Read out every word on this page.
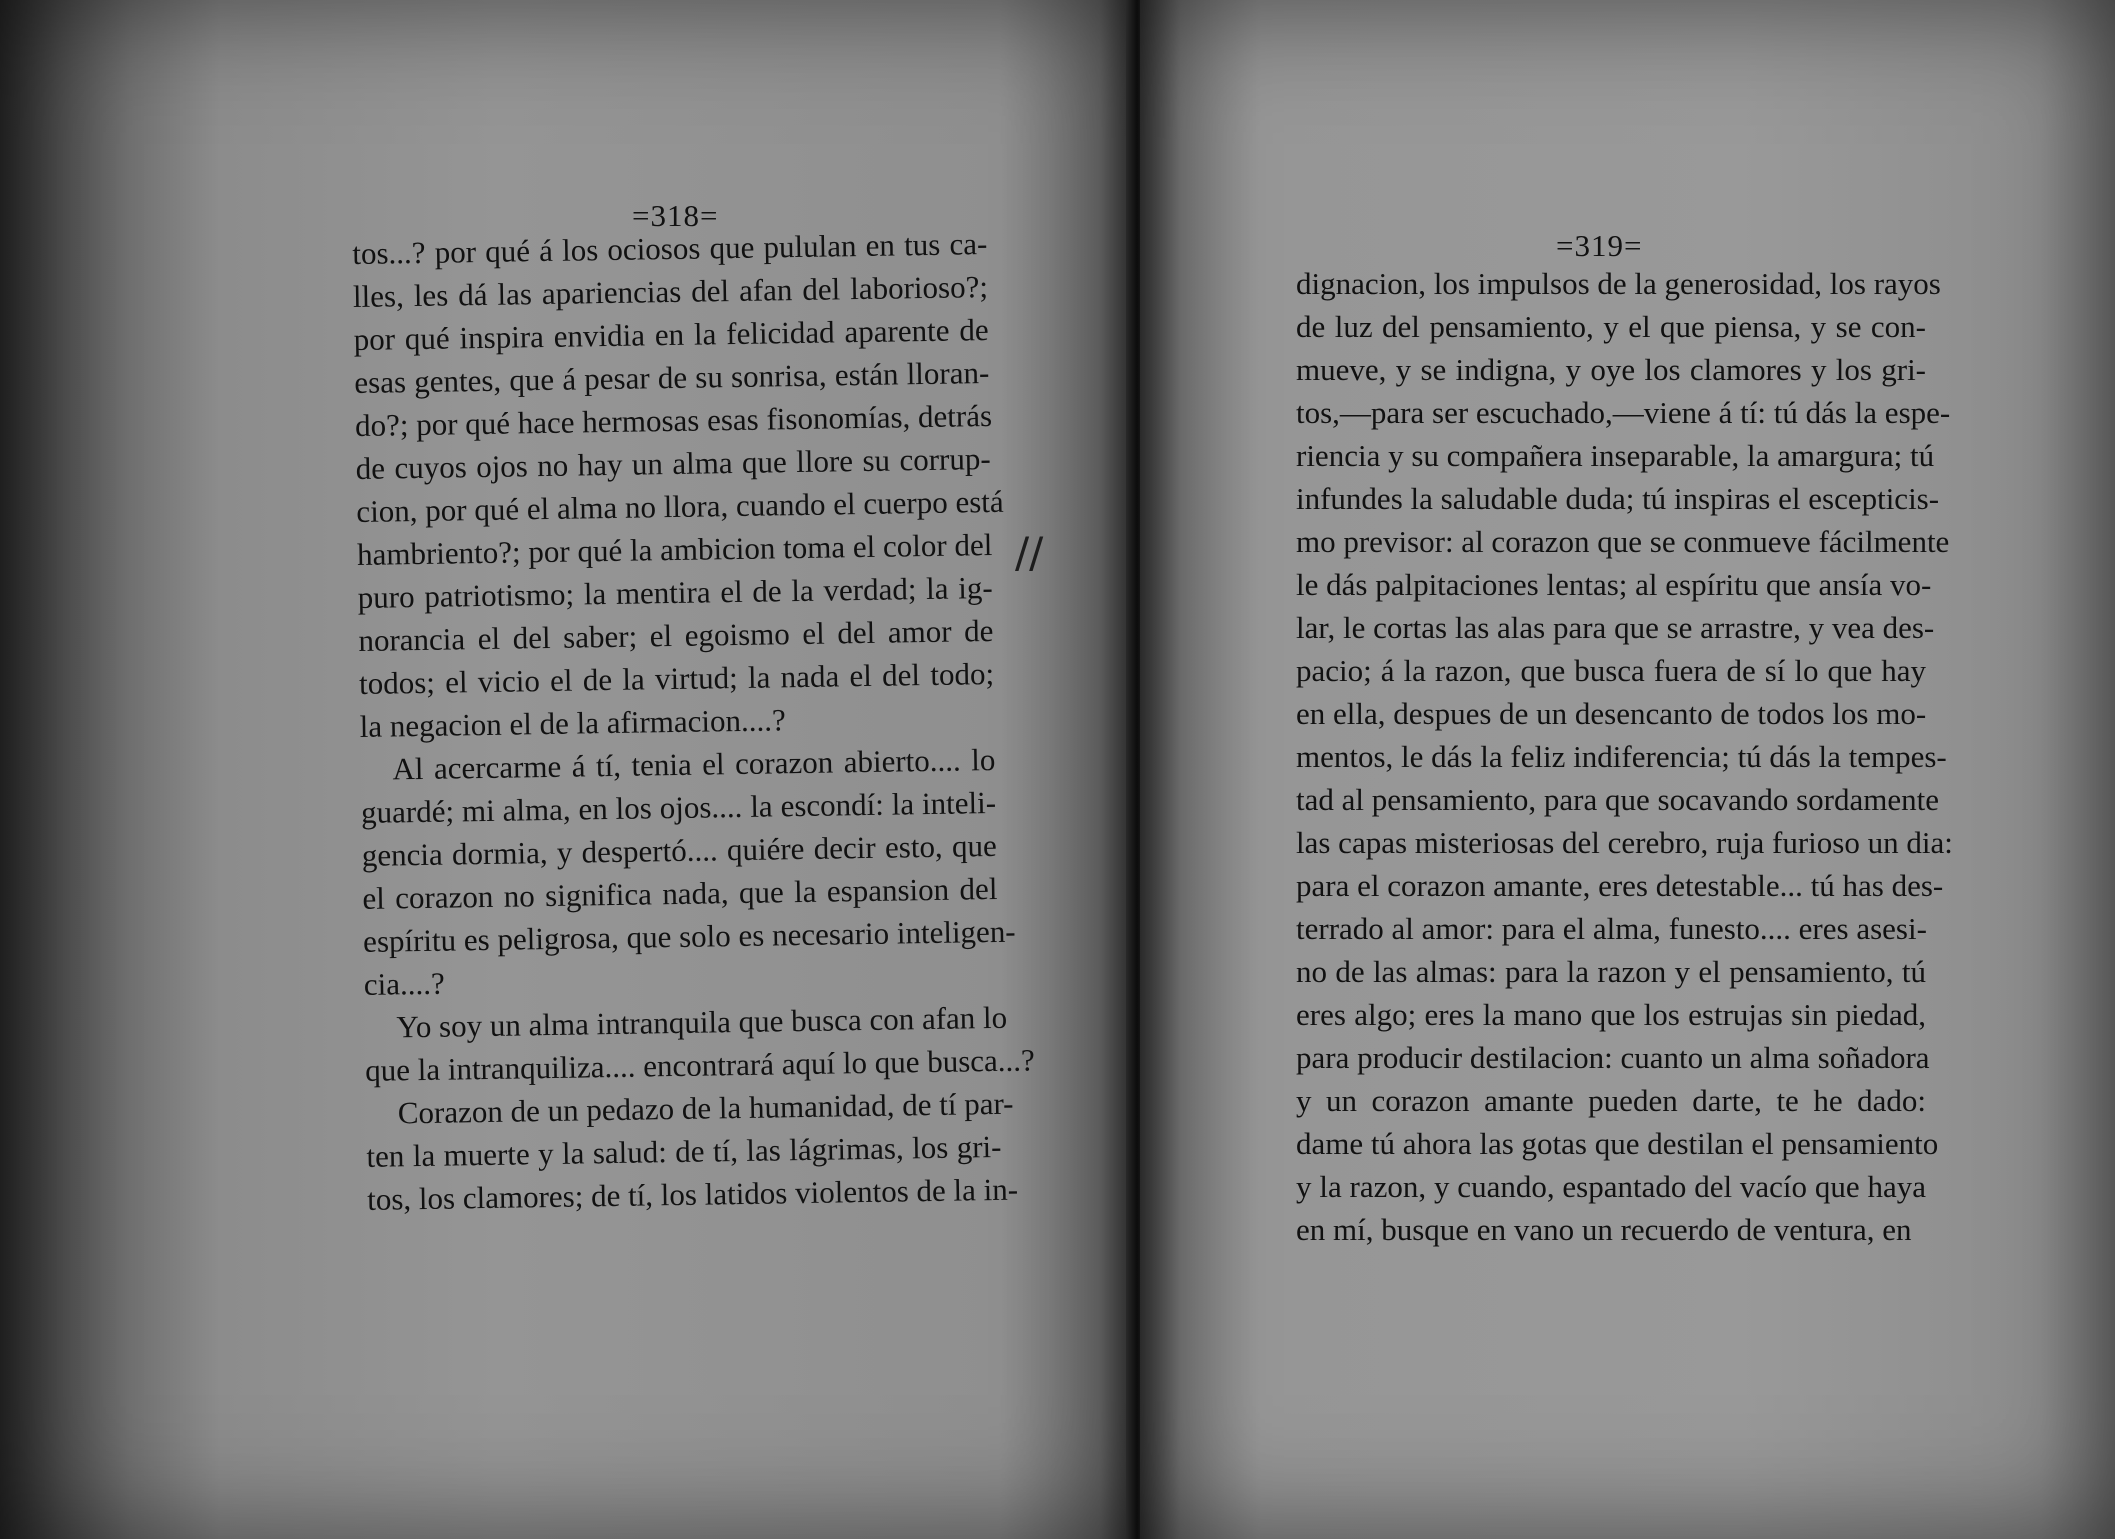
=318=
tos...? por qué á los ociosos que pululan en tus ca-
lles, les dá las apariencias del afan del laborioso?;
por qué inspira envidia en la felicidad aparente de
esas gentes, que á pesar de su sonrisa, están lloran-
do?; por qué hace hermosas esas fisonomías, detrás
de cuyos ojos no hay un alma que llore su corrup-
cion, por qué el alma no llora, cuando el cuerpo está
hambriento?; por qué la ambicion toma el color del
puro patriotismo; la mentira el de la verdad; la ig-
norancia el del saber; el egoismo el del amor de
todos; el vicio el de la virtud; la nada el del todo;
la negacion el de la afirmacion....?
Al acercarme á tí, tenia el corazon abierto.... lo
guardé; mi alma, en los ojos.... la escondí: la inteli-
gencia dormia, y despertó.... quiére decir esto, que
el corazon no significa nada, que la espansion del
espíritu es peligrosa, que solo es necesario inteligen-
cia....?
Yo soy un alma intranquila que busca con afan lo
que la intranquiliza.... encontrará aquí lo que busca...?
Corazon de un pedazo de la humanidad, de tí par-
ten la muerte y la salud: de tí, las lágrimas, los gri-
tos, los clamores; de tí, los latidos violentos de la in-
//
=319=
dignacion, los impulsos de la generosidad, los rayos
de luz del pensamiento, y el que piensa, y se con-
mueve, y se indigna, y oye los clamores y los gri-
tos,—para ser escuchado,—viene á tí: tú dás la espe-
riencia y su compañera inseparable, la amargura; tú
infundes la saludable duda; tú inspiras el escepticis-
mo previsor: al corazon que se conmueve fácilmente
le dás palpitaciones lentas; al espíritu que ansía vo-
lar, le cortas las alas para que se arrastre, y vea des-
pacio; á la razon, que busca fuera de sí lo que hay
en ella, despues de un desencanto de todos los mo-
mentos, le dás la feliz indiferencia; tú dás la tempes-
tad al pensamiento, para que socavando sordamente
las capas misteriosas del cerebro, ruja furioso un dia:
para el corazon amante, eres detestable... tú has des-
terrado al amor: para el alma, funesto.... eres asesi-
no de las almas: para la razon y el pensamiento, tú
eres algo; eres la mano que los estrujas sin piedad,
para producir destilacion: cuanto un alma soñadora
y un corazon amante pueden darte, te he dado:
dame tú ahora las gotas que destilan el pensamiento
y la razon, y cuando, espantado del vacío que haya
en mí, busque en vano un recuerdo de ventura, en
